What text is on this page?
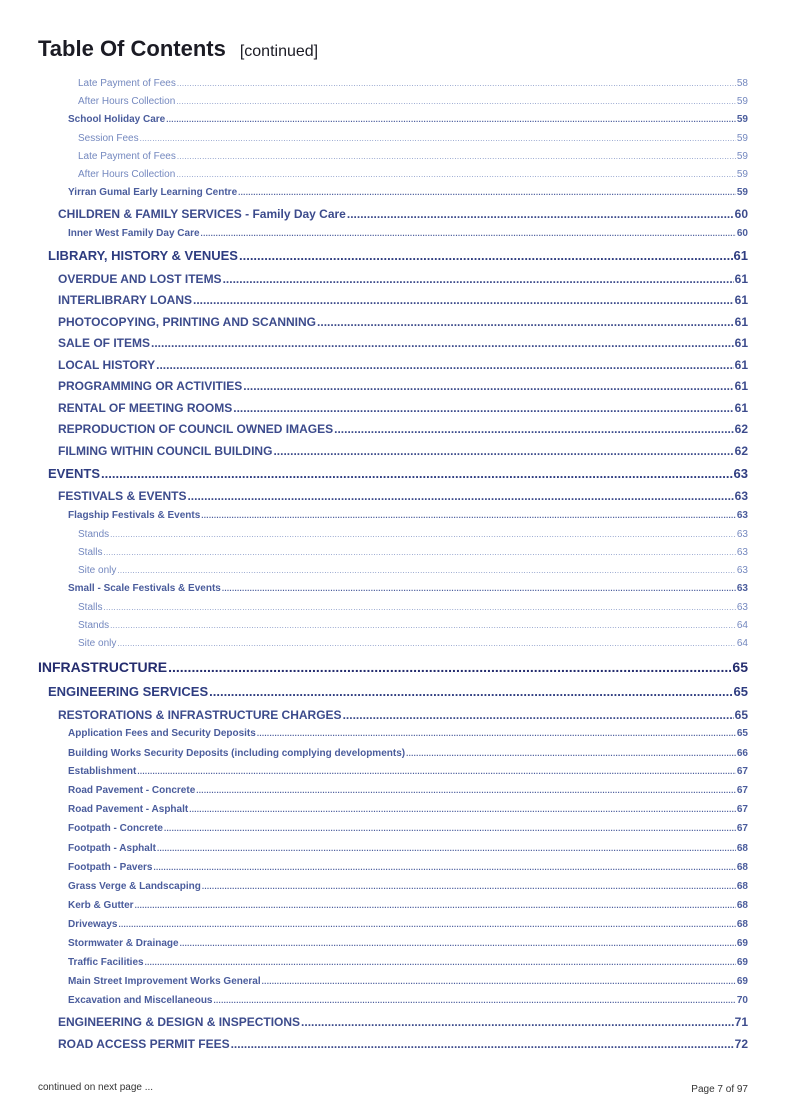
Table Of Contents [continued]
Late Payment of Fees .....	58
After Hours Collection .....	59
School Holiday Care .....	59
Session Fees .....	59
Late Payment of Fees .....	59
After Hours Collection .....	59
Yirran Gumal Early Learning Centre .....	59
CHILDREN & FAMILY SERVICES - Family Day Care .....	60
Inner West Family Day Care .....	60
LIBRARY, HISTORY & VENUES .....	61
OVERDUE AND LOST ITEMS .....	61
INTERLIBRARY LOANS .....	61
PHOTOCOPYING, PRINTING AND SCANNING .....	61
SALE OF ITEMS .....	61
LOCAL HISTORY .....	61
PROGRAMMING OR ACTIVITIES .....	61
RENTAL OF MEETING ROOMS .....	61
REPRODUCTION OF COUNCIL OWNED IMAGES .....	62
FILMING WITHIN COUNCIL BUILDING .....	62
EVENTS .....	63
FESTIVALS & EVENTS .....	63
Flagship Festivals & Events .....	63
Stands .....	63
Stalls .....	63
Site only .....	63
Small - Scale Festivals & Events .....	63
Stalls .....	63
Stands .....	64
Site only .....	64
INFRASTRUCTURE .....	65
ENGINEERING SERVICES .....	65
RESTORATIONS & INFRASTRUCTURE CHARGES .....	65
Application Fees and Security Deposits .....	65
Building Works Security Deposits (including complying developments) .....	66
Establishment .....	67
Road Pavement - Concrete .....	67
Road Pavement - Asphalt .....	67
Footpath - Concrete .....	67
Footpath - Asphalt .....	68
Footpath - Pavers .....	68
Grass Verge & Landscaping .....	68
Kerb & Gutter .....	68
Driveways .....	68
Stormwater & Drainage .....	69
Traffic Facilities .....	69
Main Street Improvement Works General .....	69
Excavation and Miscellaneous .....	70
ENGINEERING & DESIGN & INSPECTIONS .....	71
ROAD ACCESS PERMIT FEES .....	72
continued on next page ...	Page 7 of 97
